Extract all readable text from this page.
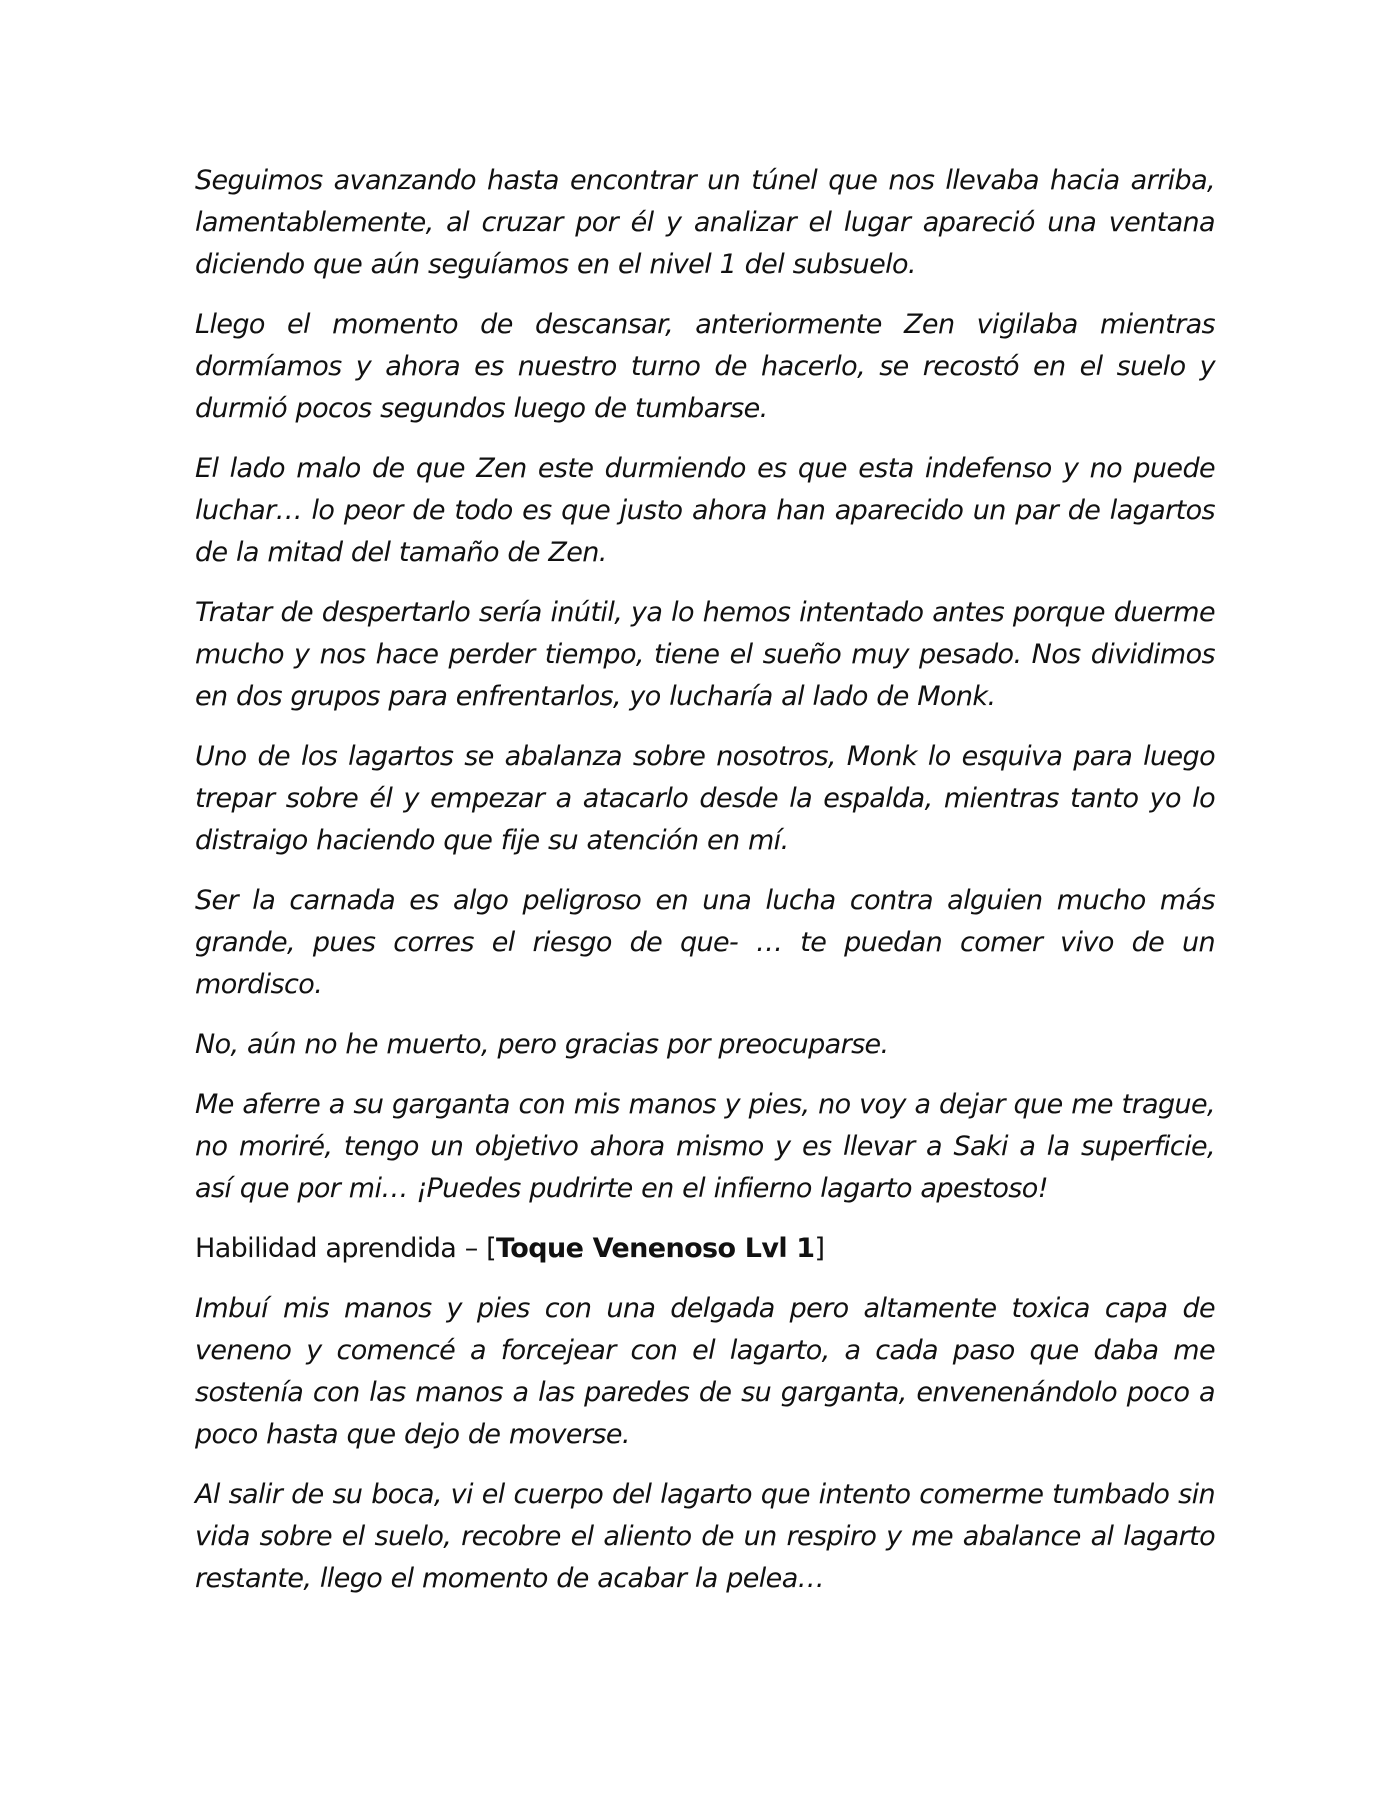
Seguimos avanzando hasta encontrar un túnel que nos llevaba hacia arriba, lamentablemente, al cruzar por él y analizar el lugar apareció una ventana diciendo que aún seguíamos en el nivel 1 del subsuelo.

Llego el momento de descansar, anteriormente Zen vigilaba mientras dormíamos y ahora es nuestro turno de hacerlo, se recostó en el suelo y durmió pocos segundos luego de tumbarse.

El lado malo de que Zen este durmiendo es que esta indefenso y no puede luchar… lo peor de todo es que justo ahora han aparecido un par de lagartos de la mitad del tamaño de Zen.

Tratar de despertarlo sería inútil, ya lo hemos intentado antes porque duerme mucho y nos hace perder tiempo, tiene el sueño muy pesado. Nos dividimos en dos grupos para enfrentarlos, yo lucharía al lado de Monk.

Uno de los lagartos se abalanza sobre nosotros, Monk lo esquiva para luego trepar sobre él y empezar a atacarlo desde la espalda, mientras tanto yo lo distraigo haciendo que fije su atención en mí.

Ser la carnada es algo peligroso en una lucha contra alguien mucho más grande, pues corres el riesgo de que- … te puedan comer vivo de un mordisco.

No, aún no he muerto, pero gracias por preocuparse.

Me aferre a su garganta con mis manos y pies, no voy a dejar que me trague, no moriré, tengo un objetivo ahora mismo y es llevar a Saki a la superficie, así que por mi… ¡Puedes pudrirte en el infierno lagarto apestoso!

Habilidad aprendida – [Toque Venenoso Lvl 1]

Imbuí mis manos y pies con una delgada pero altamente toxica capa de veneno y comencé a forcejear con el lagarto, a cada paso que daba me sostenía con las manos a las paredes de su garganta, envenenándolo poco a poco hasta que dejo de moverse.

Al salir de su boca, vi el cuerpo del lagarto que intento comerme tumbado sin vida sobre el suelo, recobre el aliento de un respiro y me abalance al lagarto restante, llego el momento de acabar la pelea…
